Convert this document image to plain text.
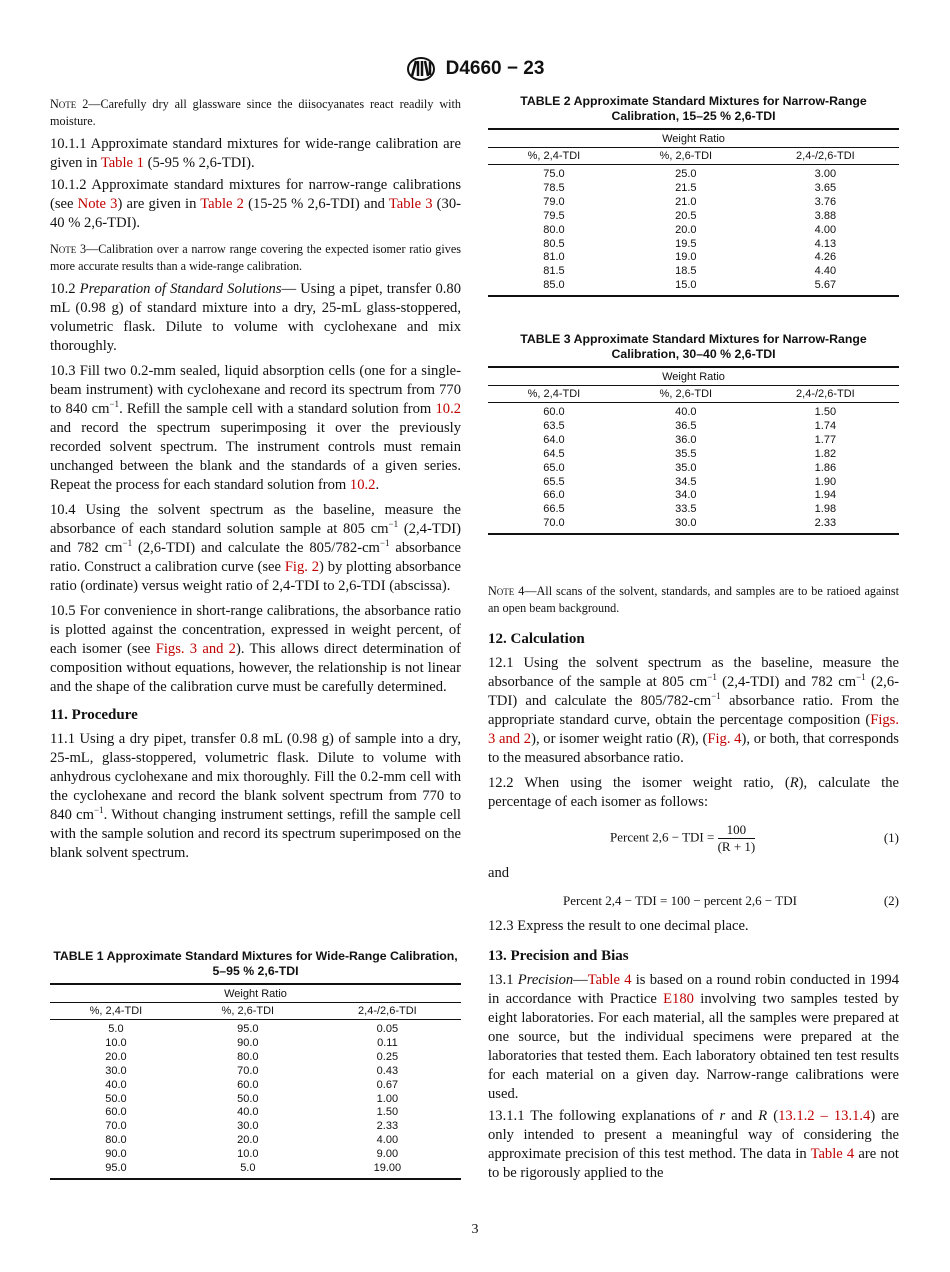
D4660 − 23

Note 2—Carefully dry all glassware since the diisocyanates react readily with moisture.

10.1.1 Approximate standard mixtures for wide-range calibration are given in Table 1 (5-95 % 2,6-TDI).

10.1.2 Approximate standard mixtures for narrow-range calibrations (see Note 3) are given in Table 2 (15-25 % 2,6-TDI) and Table 3 (30-40 % 2,6-TDI).

Note 3—Calibration over a narrow range covering the expected isomer ratio gives more accurate results than a wide-range calibration.

10.2 Preparation of Standard Solutions— Using a pipet, transfer 0.80 mL (0.98 g) of standard mixture into a dry, 25-mL glass-stoppered, volumetric flask. Dilute to volume with cyclohexane and mix thoroughly.

10.3 Fill two 0.2-mm sealed, liquid absorption cells (one for a single-beam instrument) with cyclohexane and record its spectrum from 770 to 840 $cm^{-1}$. Refill the sample cell with a standard solution from 10.2 and record the spectrum superimposing it over the previously recorded solvent spectrum. The instrument controls must remain unchanged between the blank and the standards of a given series. Repeat the process for each standard solution from 10.2.

10.4 Using the solvent spectrum as the baseline, measure the absorbance of each standard solution sample at 805 $cm^{-1}$ (2,4-TDI) and 782 $cm^{-1}$ (2,6-TDI) and calculate the $805/782-cm^{-1}$ absorbance ratio. Construct a calibration curve (see Fig. 2) by plotting absorbance ratio (ordinate) versus weight ratio of 2,4-TDI to 2,6-TDI (abscissa).

10.5 For convenience in short-range calibrations, the absorbance ratio is plotted against the concentration, expressed in weight percent, of each isomer (see Figs. 3 and 2). This allows direct determination of composition without equations, however, the relationship is not linear and the shape of the calibration curve must be carefully determined.

11. Procedure

11.1 Using a dry pipet, transfer 0.8 mL (0.98 g) of sample into a dry, 25-mL, glass-stoppered, volumetric flask. Dilute to volume with anhydrous cyclohexane and mix thoroughly. Fill the 0.2-mm cell with the cyclohexane and record the blank solvent spectrum from 770 to 840 $cm^{-1}$. Without changing instrument settings, refill the sample cell with the sample solution and record its spectrum superimposed on the blank solvent spectrum.

TABLE 1 Approximate Standard Mixtures for Wide-Range Calibration, 5–95 % 2,6-TDI
Weight Ratio		
%, 2,4-TDI	%, 2,6-TDI	2,4-/2,6-TDI
5.0	95.0	0.05
10.0	90.0	0.11
20.0	80.0	0.25
30.0	70.0	0.43
40.0	60.0	0.67
50.0	50.0	1.00
60.0	40.0	1.50
70.0	30.0	2.33
80.0	20.0	4.00
90.0	10.0	9.00
95.0	5.0	19.00
TABLE 2 Approximate Standard Mixtures for Narrow-Range Calibration, 15–25 % 2,6-TDI
Weight Ratio		
%, 2,4-TDI	%, 2,6-TDI	2,4-/2,6-TDI
75.0	25.0	3.00
78.5	21.5	3.65
79.0	21.0	3.76
79.5	20.5	3.88
80.0	20.0	4.00
80.5	19.5	4.13
81.0	19.0	4.26
81.5	18.5	4.40
85.0	15.0	5.67
TABLE 3 Approximate Standard Mixtures for Narrow-Range Calibration, 30–40 % 2,6-TDI
Weight Ratio		
%, 2,4-TDI	%, 2,6-TDI	2,4-/2,6-TDI
60.0	40.0	1.50
63.5	36.5	1.74
64.0	36.0	1.77
64.5	35.5	1.82
65.0	35.0	1.86
65.5	34.5	1.90
66.0	34.0	1.94
66.5	33.5	1.98
70.0	30.0	2.33

Note 4—All scans of the solvent, standards, and samples are to be ratioed against an open beam background.

12. Calculation

12.1 Using the solvent spectrum as the baseline, measure the absorbance of the sample at 805 $cm^{-1}$ (2,4-TDI) and 782 $cm^{-1}$ (2,6-TDI) and calculate the $805/782-cm^{-1}$ absorbance ratio. From the appropriate standard curve, obtain the percentage composition (Figs. 3 and 2), or isomer weight ratio (R), (Fig. 4), or both, that corresponds to the measured absorbance ratio.

12.2 When using the isomer weight ratio, (R), calculate the percentage of each isomer as follows:

Percent 2,6 − TDI = $\frac{100}{(R + 1)}$	(1)

and

Percent 2,4 − TDI = 100 − percent 2,6 − TDI	(2)

12.3 Express the result to one decimal place.

13. Precision and Bias

13.1 Precision—Table 4 is based on a round robin conducted in 1994 in accordance with Practice E180 involving two samples tested by eight laboratories. For each material, all the samples were prepared at one source, but the individual specimens were prepared at the laboratories that tested them. Each laboratory obtained ten test results for each material on a given day. Narrow-range calibrations were used.

13.1.1 The following explanations of r and R (13.1.2 – 13.1.4) are only intended to present a meaningful way of considering the approximate precision of this test method. The data in Table 4 are not to be rigorously applied to the

3
